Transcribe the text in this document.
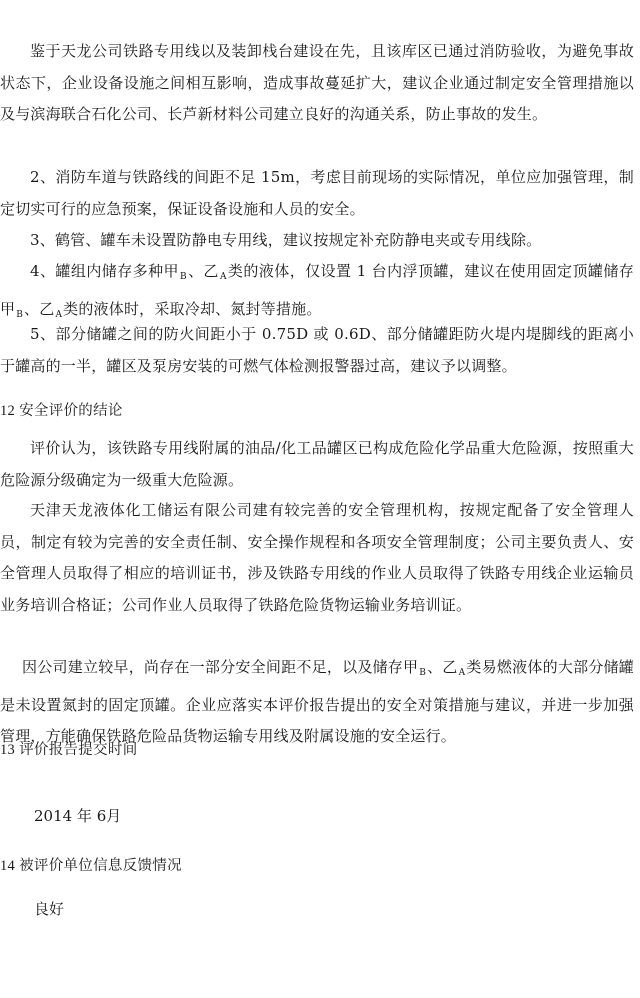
鉴于天龙公司铁路专用线以及装卸栈台建设在先，且该库区已通过消防验收，为避免事故状态下，企业设备设施之间相互影响，造成事故蔓延扩大，建议企业通过制定安全管理措施以及与滨海联合石化公司、长芦新材料公司建立良好的沟通关系，防止事故的发生。

2、消防车道与铁路线的间距不足 15m，考虑目前现场的实际情况，单位应加强管理，制定切实可行的应急预案，保证设备设施和人员的安全。

3、鹤管、罐车未设置防静电专用线，建议按规定补充防静电夹或专用线除。

4、罐组内储存多种甲$_B$、乙$_A$类的液体，仅设置 1 台内浮顶罐，建议在使用固定顶罐储存甲$_B$、乙$_A$类的液体时，采取冷却、氮封等措施。

5、部分储罐之间的防火间距小于 0.75D 或 0.6D、部分储罐距防火堤内堤脚线的距离小于罐高的一半，罐区及泵房安装的可燃气体检测报警器过高，建议予以调整。

12 安全评价的结论

评价认为，该铁路专用线附属的油品/化工品罐区已构成危险化学品重大危险源，按照重大危险源分级确定为一级重大危险源。

天津天龙液体化工储运有限公司建有较完善的安全管理机构，按规定配备了安全管理人员，制定有较为完善的安全责任制、安全操作规程和各项安全管理制度；公司主要负责人、安全管理人员取得了相应的培训证书，涉及铁路专用线的作业人员取得了铁路专用线企业运输员业务培训合格证；公司作业人员取得了铁路危险货物运输业务培训证。

因公司建立较早，尚存在一部分安全间距不足，以及储存甲$_B$、乙$_A$类易燃液体的大部分储罐是未设置氮封的固定顶罐。企业应落实本评价报告提出的安全对策措施与建议，并进一步加强管理，方能确保铁路危险品货物运输专用线及附属设施的安全运行。

13 评价报告提交时间
2014 年 6月
14 被评价单位信息反馈情况
良好
